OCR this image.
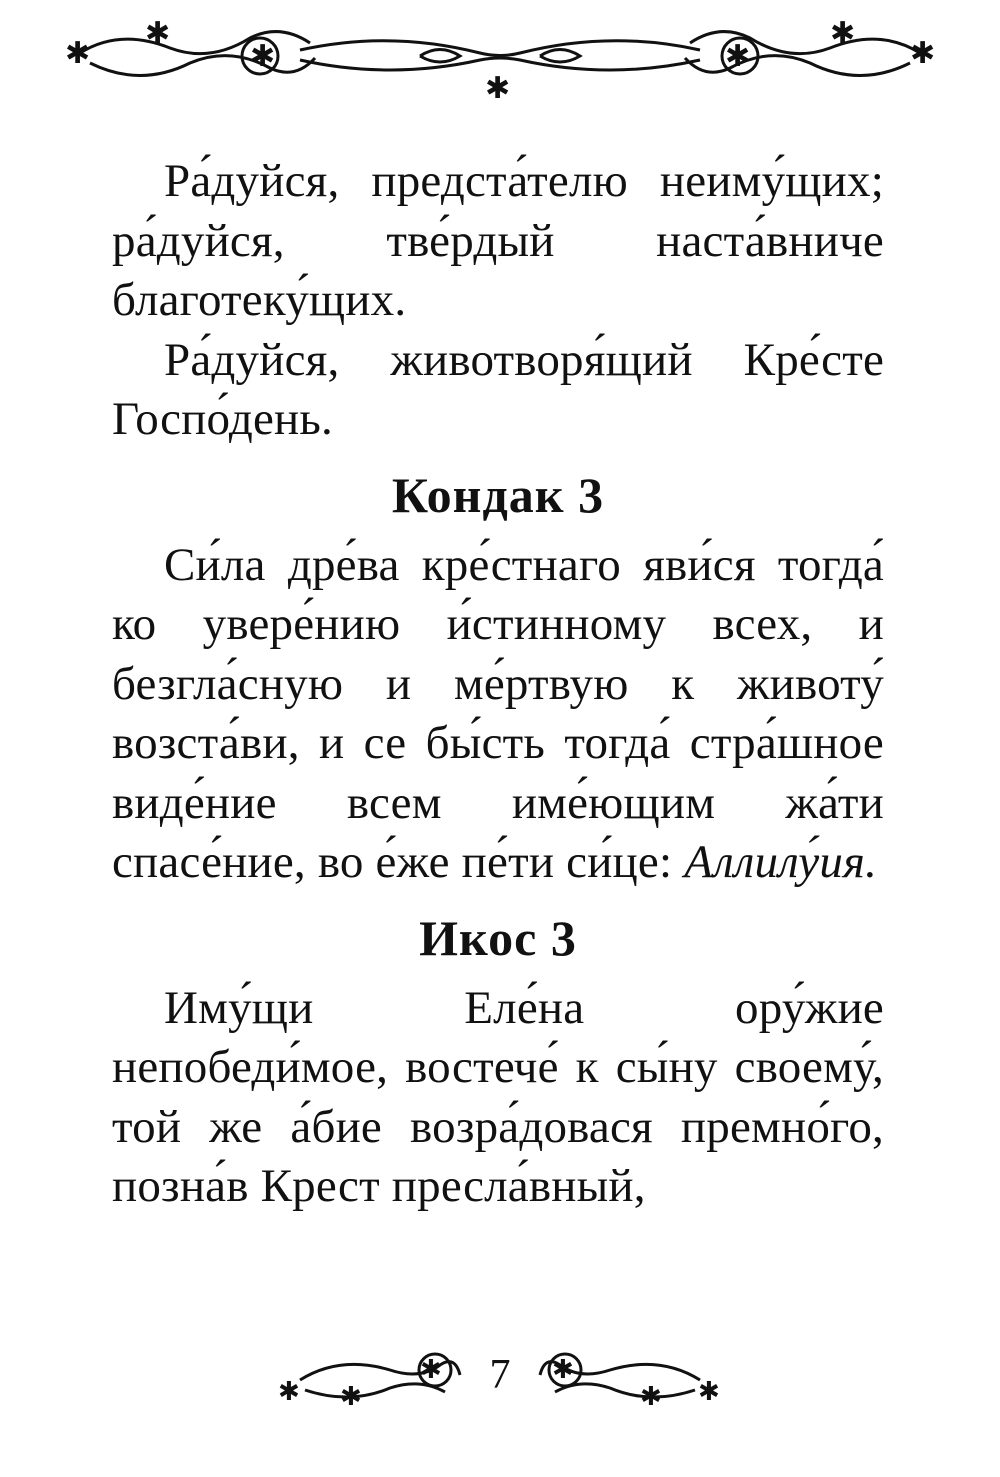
✱
✱
✱
✱
✱
✱
✱

Ра́дуйся, предста́телю неиму́щих; ра́дуйся, тве́рдый наста́вниче благотеку́щих.

Ра́дуйся, животворя́щий Кре́сте Госпо́день.

Кондак 3

Си́ла дре́ва кре́стнаго яви́ся тогда́ ко увере́нию и́стинному всех, и безгла́сную и ме́ртвую к животу́ возста́ви, и се бы́сть тогда́ стра́шное виде́ние всем име́ющим жа́ти спасе́ние, во е́же пе́ти си́це: Аллилу́ия.

Икос 3

Иму́щи Еле́на ору́жие непобеди́мое, востече́ к сы́ну своему́, той же а́бие возра́довася премно́го, позна́в Крест пресла́вный,

✱ ✱
✱	✱
✱ ✱
7
